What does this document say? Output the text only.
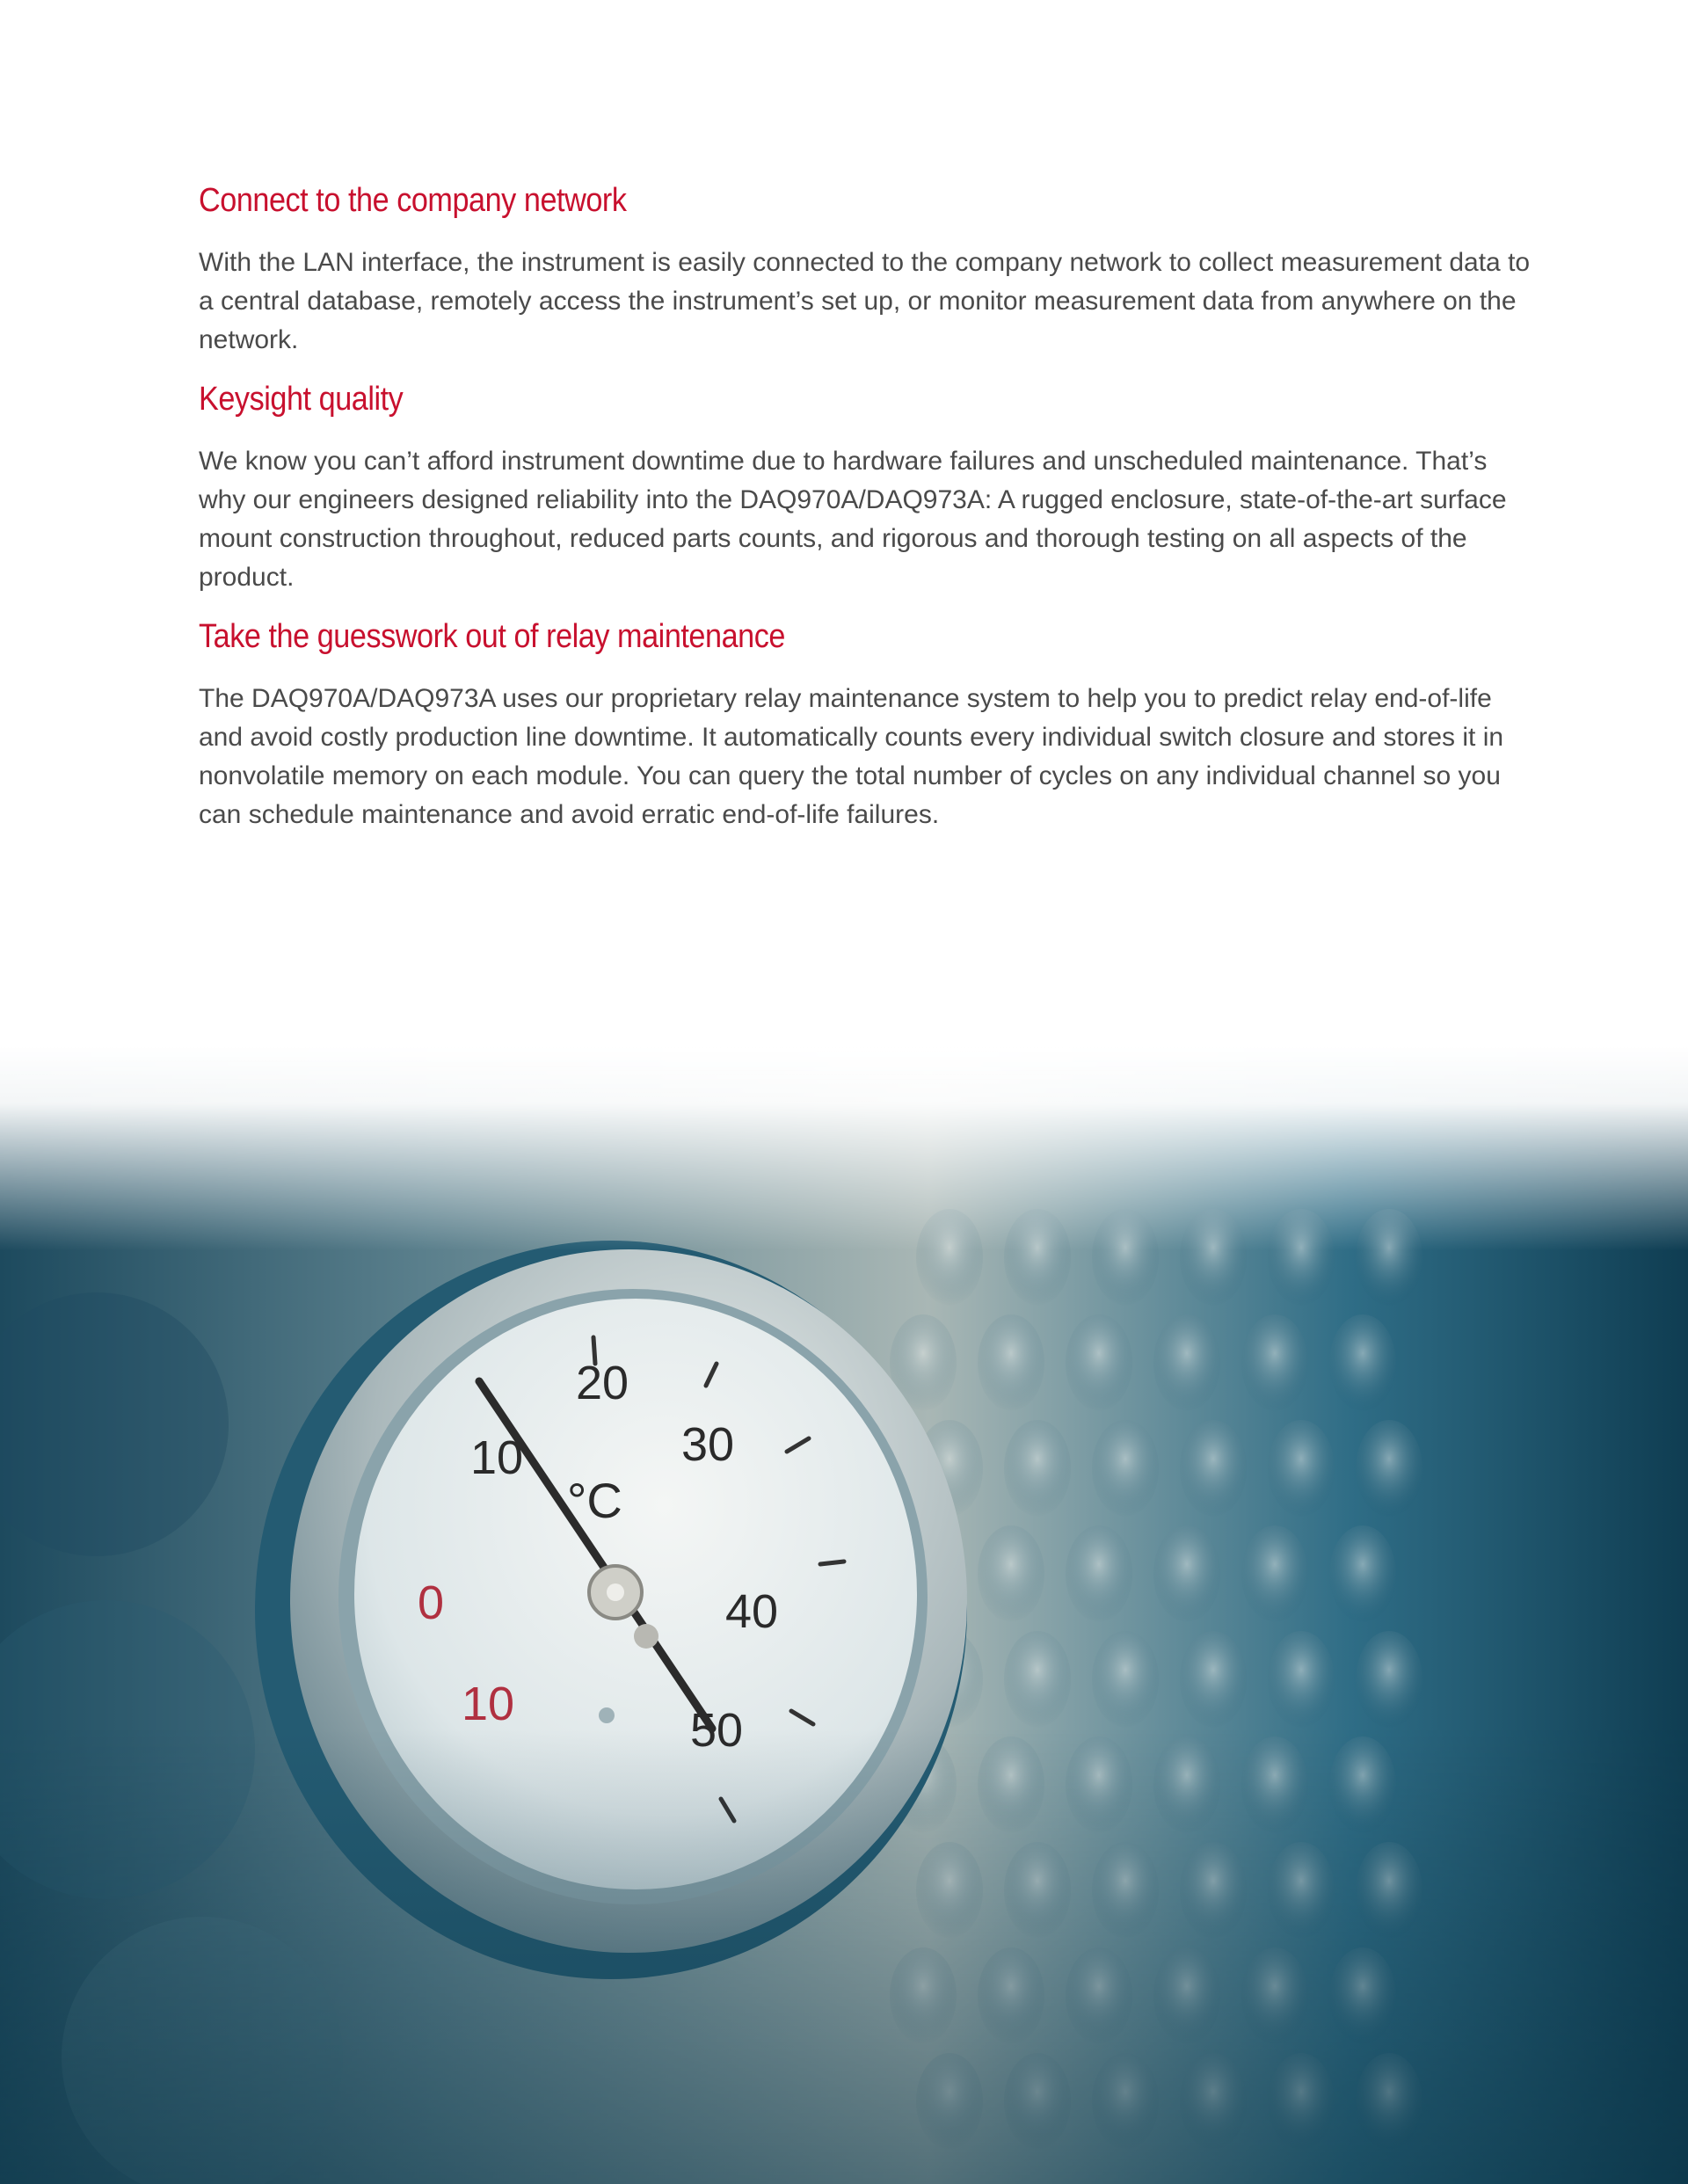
Connect to the company network

With the LAN interface, the instrument is easily connected to the company network to collect measurement data to a central database, remotely access the instrument’s set up, or monitor measurement data from anywhere on the network.

Keysight quality

We know you can’t afford instrument downtime due to hardware failures and unscheduled maintenance. That’s why our engineers designed reliability into the DAQ970A/DAQ973A: A rugged enclosure, state-of-the-art surface mount construction throughout, reduced parts counts, and rigorous and thorough testing on all aspects of the product.

Take the guesswork out of relay maintenance

The DAQ970A/DAQ973A uses our proprietary relay maintenance system to help you to predict relay end-of-life and avoid costly production line downtime. It automatically counts every individual switch closure and stores it in nonvolatile memory on each module. You can query the total number of cycles on any individual channel so you can schedule maintenance and avoid erratic end-of-life failures.
